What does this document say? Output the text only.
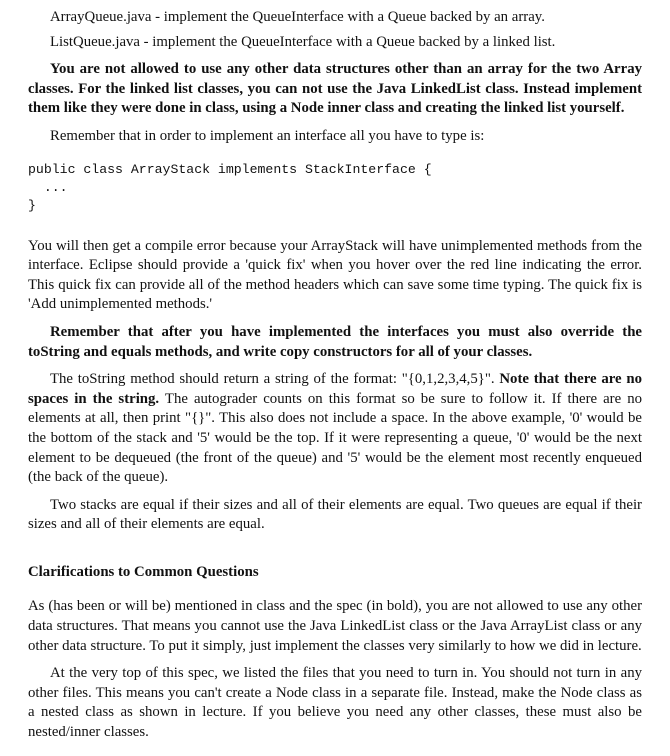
ArrayQueue.java - implement the QueueInterface with a Queue backed by an array.

ListQueue.java - implement the QueueInterface with a Queue backed by a linked list.

You are not allowed to use any other data structures other than an array for the two Array classes. For the linked list classes, you can not use the Java LinkedList class. Instead implement them like they were done in class, using a Node inner class and creating the linked list yourself.

Remember that in order to implement an interface all you have to type is:

public class ArrayStack implements StackInterface {
...
}

You will then get a compile error because your ArrayStack will have unimplemented methods from the interface. Eclipse should provide a 'quick fix' when you hover over the red line indicating the error. This quick fix can provide all of the method headers which can save some time typing. The quick fix is 'Add unimplemented methods.'

Remember that after you have implemented the interfaces you must also override the toString and equals methods, and write copy constructors for all of your classes.

The toString method should return a string of the format: "{0,1,2,3,4,5}". Note that there are no spaces in the string. The autograder counts on this format so be sure to follow it. If there are no elements at all, then print "{}". This also does not include a space. In the above example, '0' would be the bottom of the stack and '5' would be the top. If it were representing a queue, '0' would be the next element to be dequeued (the front of the queue) and '5' would be the element most recently enqueued (the back of the queue).

Two stacks are equal if their sizes and all of their elements are equal. Two queues are equal if their sizes and all of their elements are equal.

Clarifications to Common Questions

As (has been or will be) mentioned in class and the spec (in bold), you are not allowed to use any other data structures. That means you cannot use the Java LinkedList class or the Java ArrayList class or any other data structure. To put it simply, just implement the classes very similarly to how we did in lecture.

At the very top of this spec, we listed the files that you need to turn in. You should not turn in any other files. This means you can't create a Node class in a separate file. Instead, make the Node class as a nested class as shown in lecture. If you believe you need any other classes, these must also be nested/inner classes.
